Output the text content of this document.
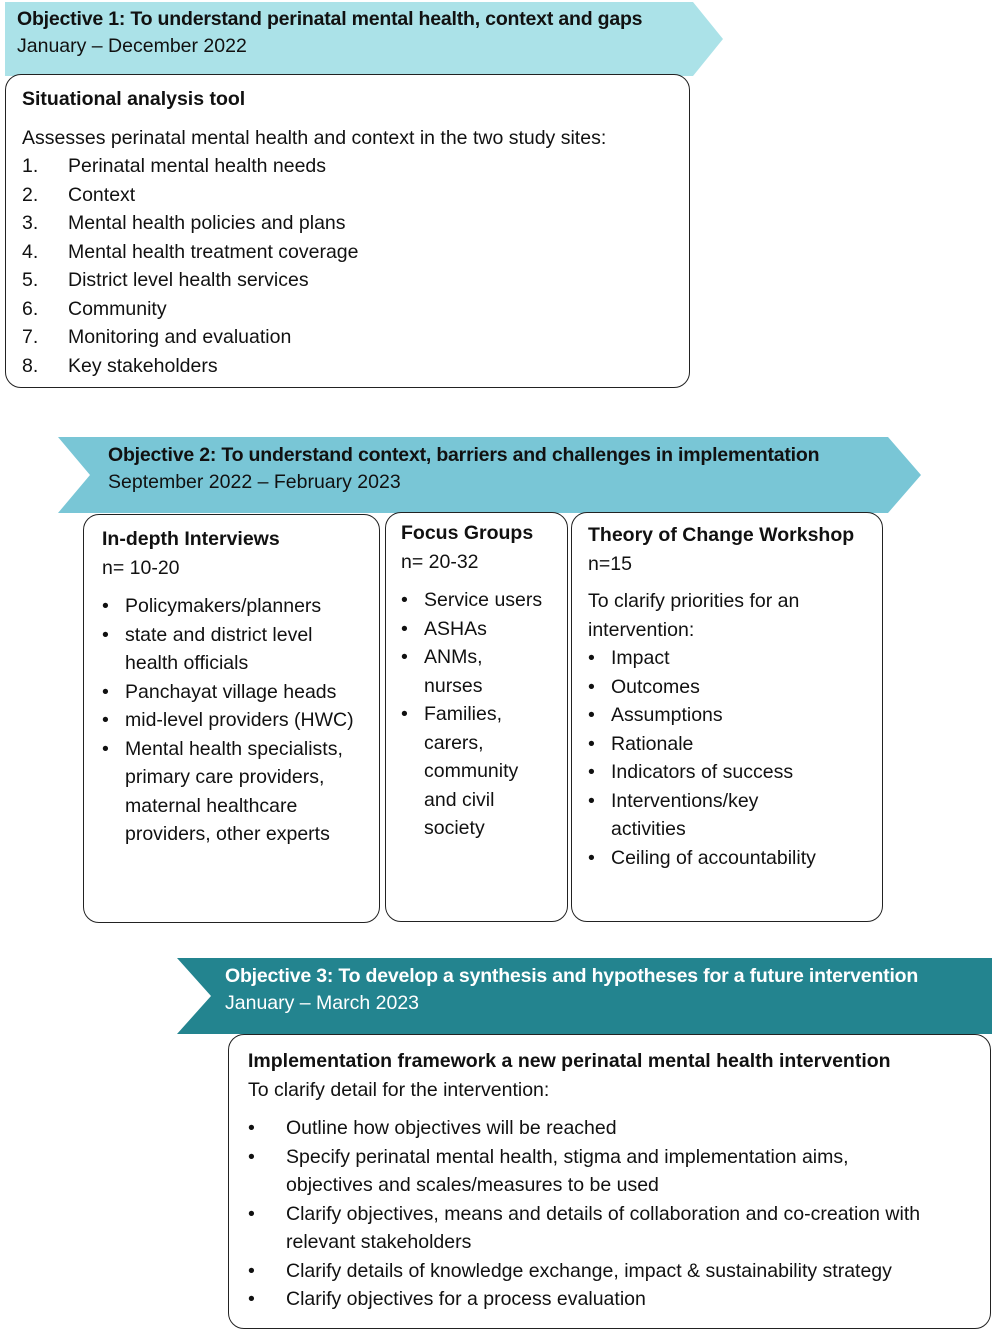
Objective 1: To understand perinatal mental health, context and gaps
January – December 2022
Situational analysis tool

Assesses perinatal mental health and context in the two study sites:

1.	Perinatal mental health needs
2.	Context
3.	Mental health policies and plans
4.	Mental health treatment coverage
5.	District level health services
6.	Community
7.	Monitoring and evaluation
8.	Key stakeholders
Objective 2: To understand context, barriers and challenges in implementation
September 2022 – February 2023
In-depth Interviews

n= 10-20

• Policymakers/planners
• state and district level health officials
• Panchayat village heads
• mid-level providers (HWC)
• Mental health specialists, primary care providers, maternal healthcare providers, other experts
Focus Groups

n= 20-32

• Service users
• ASHAs
• ANMs, nurses
• Families, carers, community and civil society
Theory of Change Workshop

n=15

To clarify priorities for an intervention:

• Impact
• Outcomes
• Assumptions
• Rationale
• Indicators of success
• Interventions/key activities
• Ceiling of accountability
Objective 3: To develop a synthesis and hypotheses for a future intervention
January – March 2023
Implementation framework a new perinatal mental health intervention

To clarify detail for the intervention:

•	Outline how objectives will be reached
•	Specify perinatal mental health, stigma and implementation aims, objectives and scales/measures to be used
•	Clarify objectives, means and details of collaboration and co-creation with relevant stakeholders
•	Clarify details of knowledge exchange, impact & sustainability strategy
•	Clarify objectives for a process evaluation
